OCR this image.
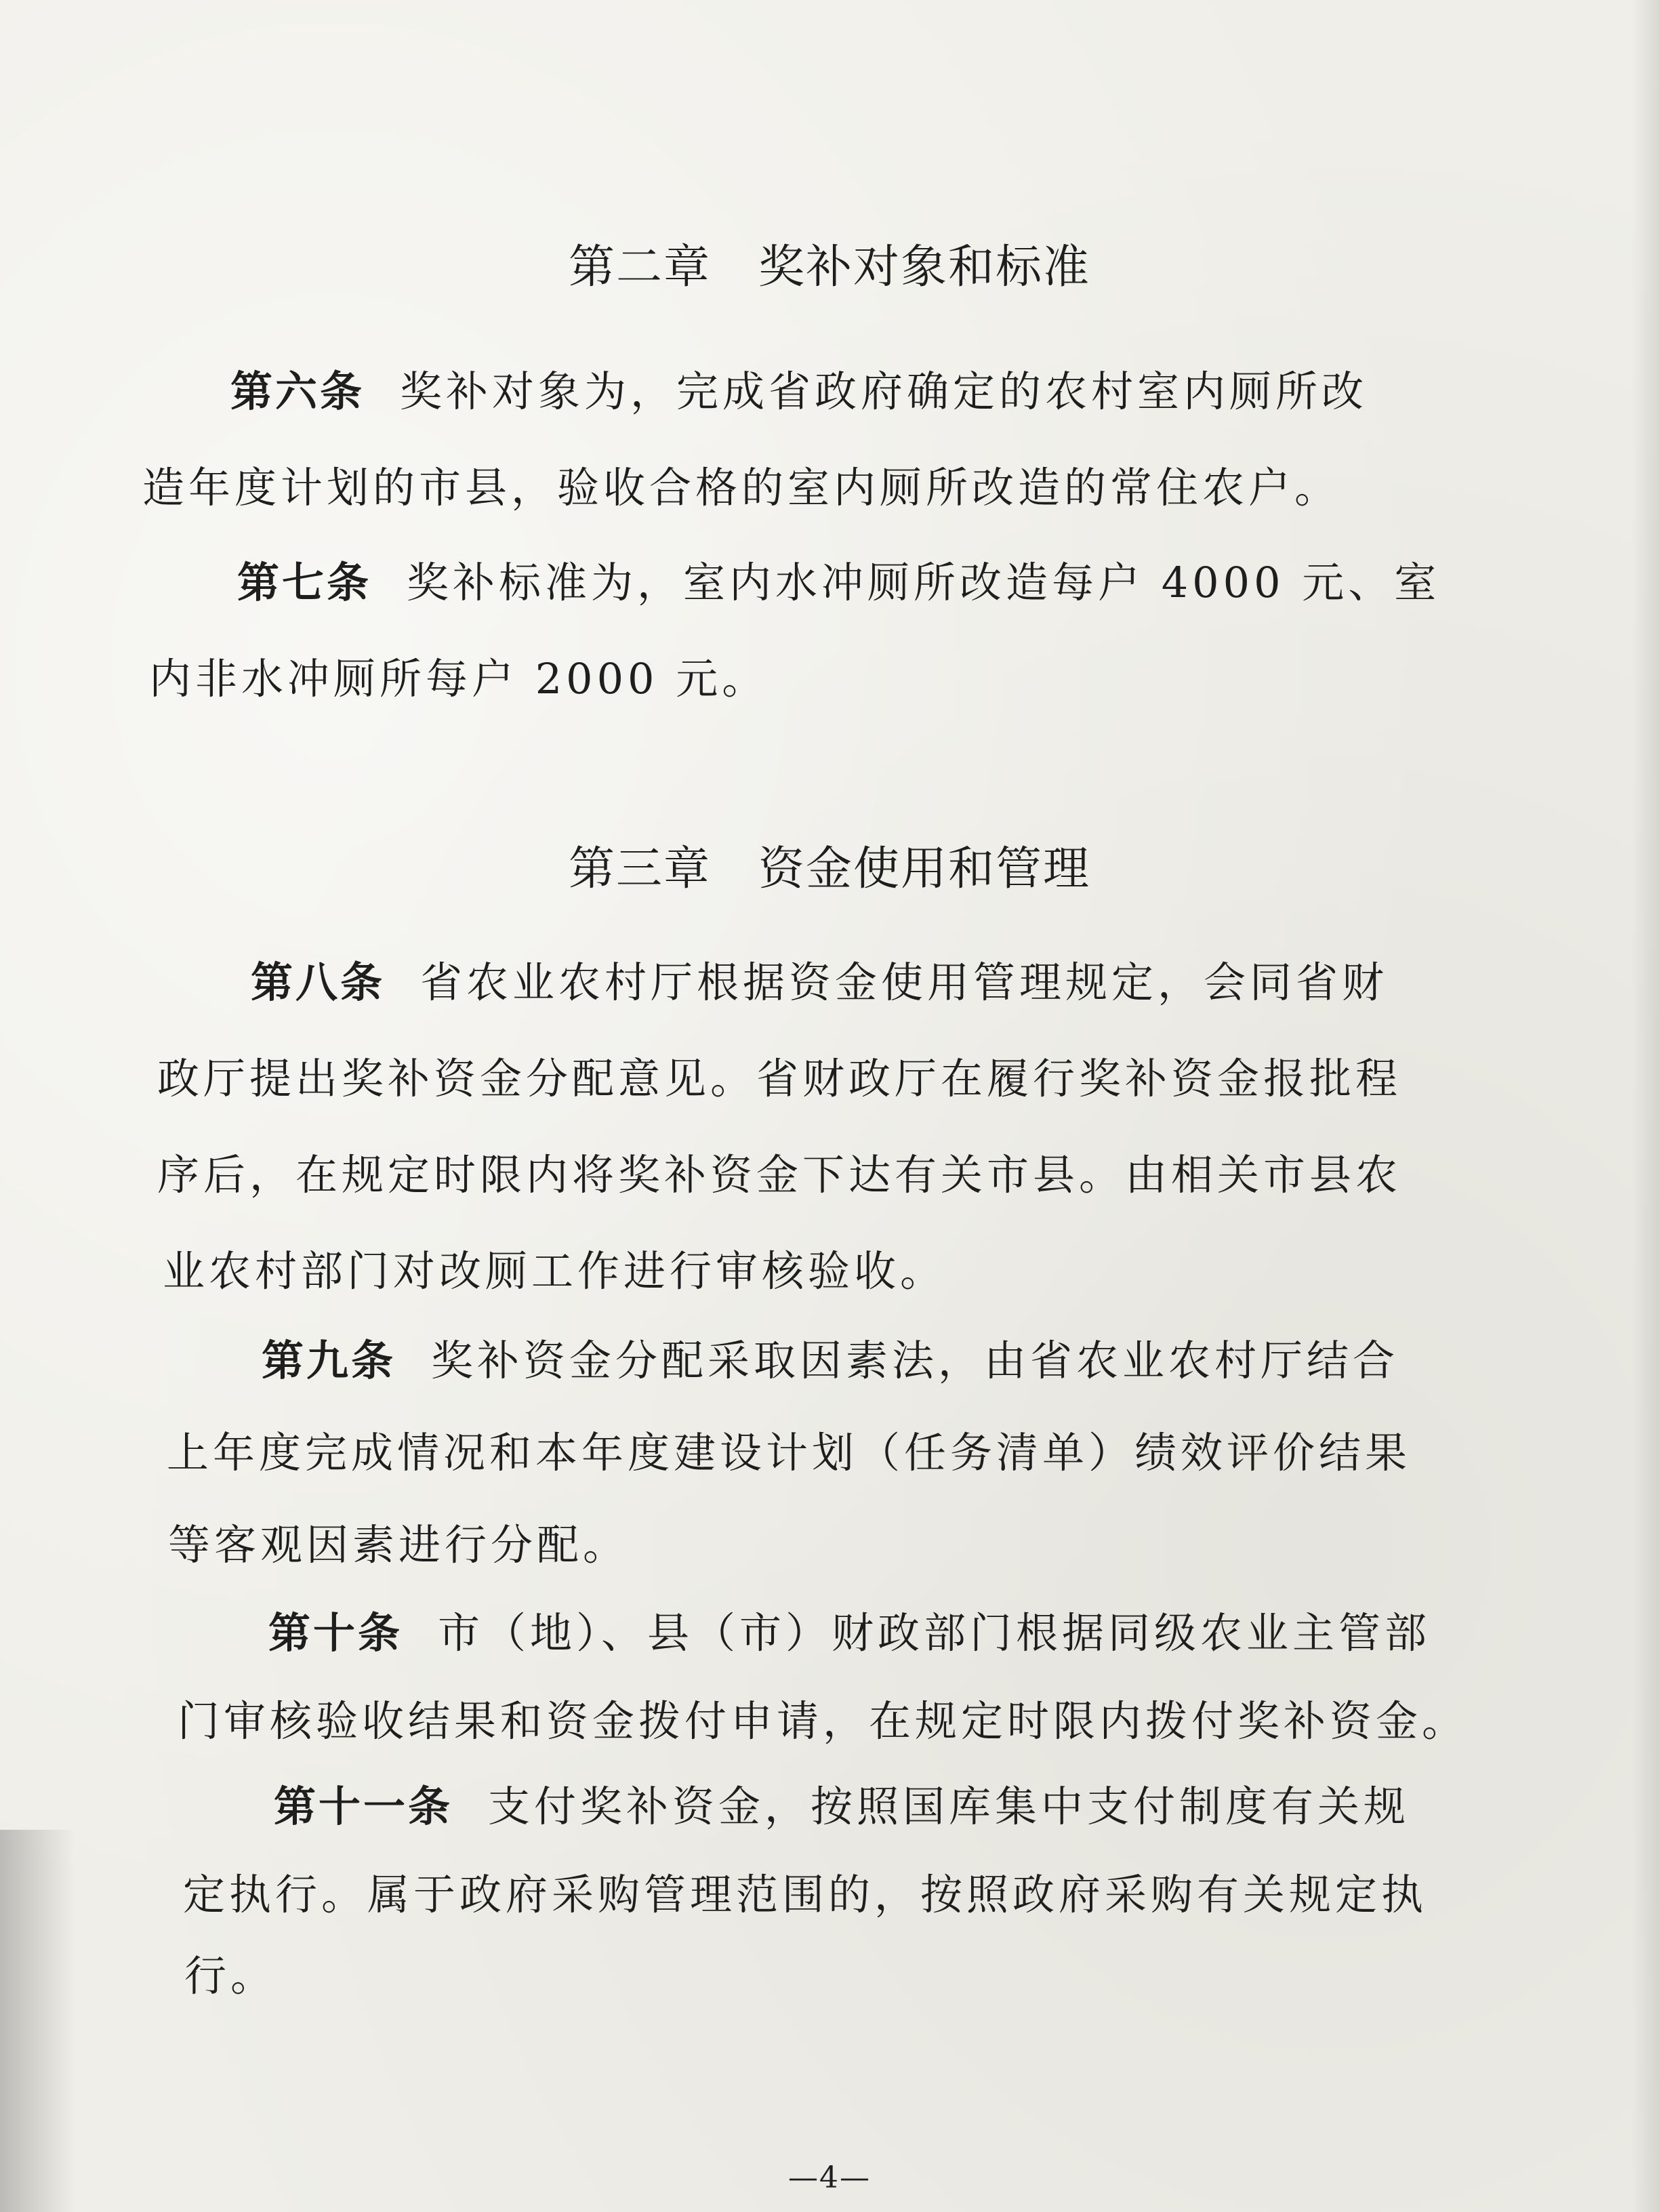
第二章 奖补对象和标准

第六条 奖补对象为，完成省政府确定的农村室内厕所改

造年度计划的市县，验收合格的室内厕所改造的常住农户。

第七条 奖补标准为，室内水冲厕所改造每户 4000 元、室

内非水冲厕所每户 2000 元。

第三章 资金使用和管理

第八条 省农业农村厅根据资金使用管理规定，会同省财

政厅提出奖补资金分配意见。省财政厅在履行奖补资金报批程

序后，在规定时限内将奖补资金下达有关市县。由相关市县农

业农村部门对改厕工作进行审核验收。

第九条 奖补资金分配采取因素法，由省农业农村厅结合

上年度完成情况和本年度建设计划（任务清单）绩效评价结果

等客观因素进行分配。

第十条 市（地）、县（市）财政部门根据同级农业主管部

门审核验收结果和资金拨付申请，在规定时限内拨付奖补资金。

第十一条 支付奖补资金，按照国库集中支付制度有关规

定执行。属于政府采购管理范围的，按照政府采购有关规定执

行。

—4—
